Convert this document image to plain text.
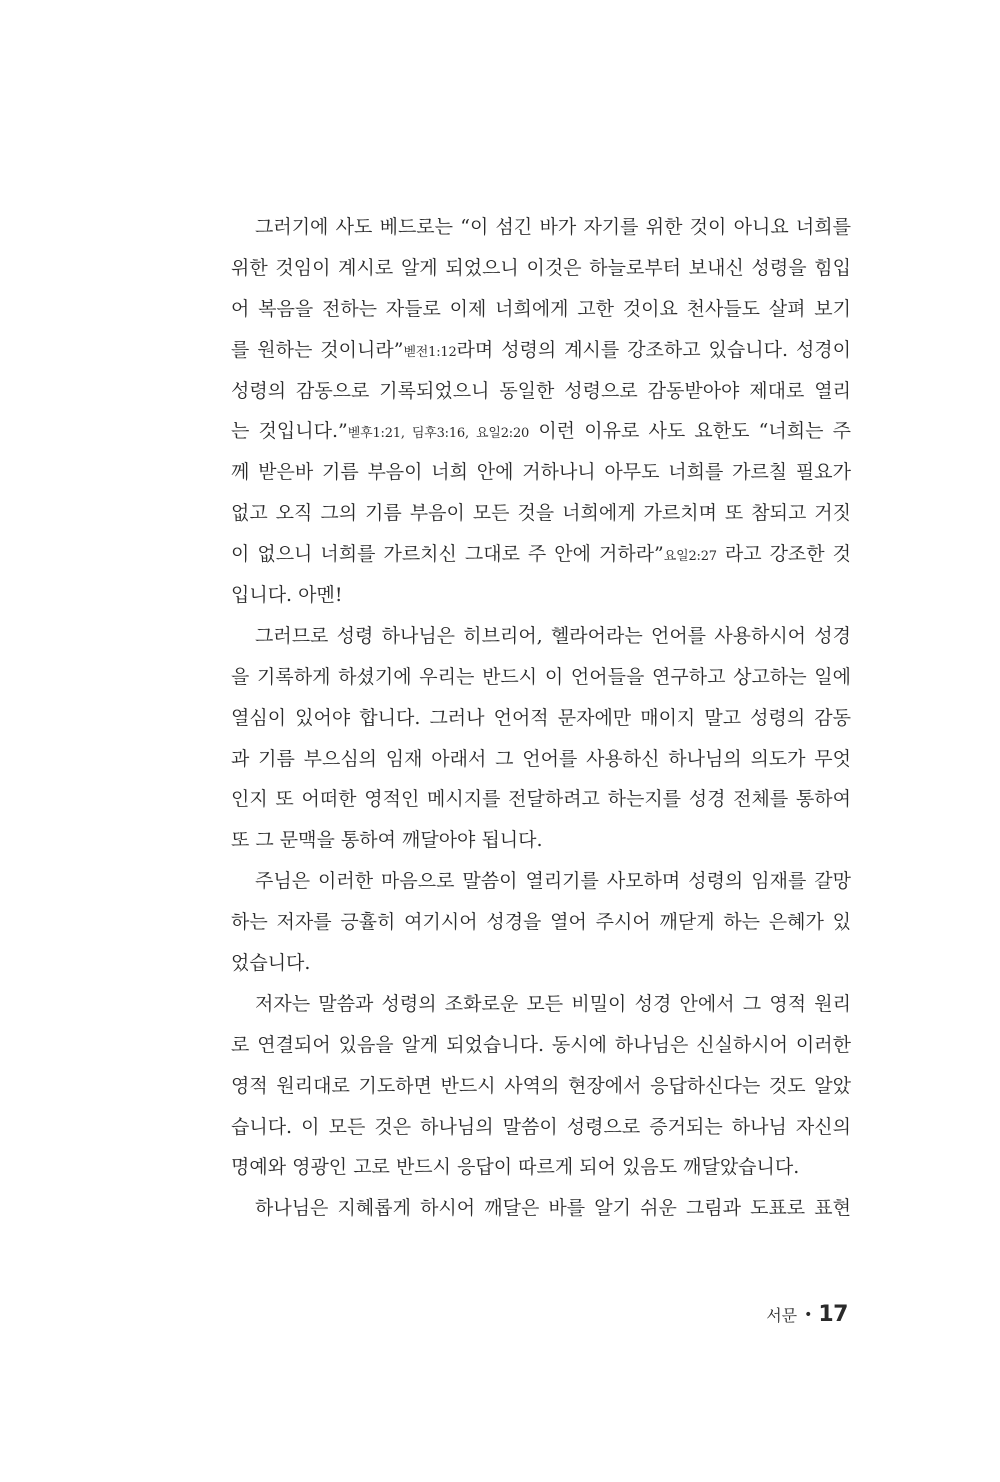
그러기에 사도 베드로는 “이 섬긴 바가 자기를 위한 것이 아니요 너희를
위한 것임이 계시로 알게 되었으니 이것은 하늘로부터 보내신 성령을 힘입
어 복음을 전하는 자들로 이제 너희에게 고한 것이요 천사들도 살펴 보기
를 원하는 것이니라”벧전1:12라며 성령의 계시를 강조하고 있습니다. 성경이
성령의 감동으로 기록되었으니 동일한 성령으로 감동받아야 제대로 열리
는 것입니다.”벧후1:21, 딤후3:16, 요일2:20 이런 이유로 사도 요한도 “너희는 주
께 받은바 기름 부음이 너희 안에 거하나니 아무도 너희를 가르칠 필요가
없고 오직 그의 기름 부음이 모든 것을 너희에게 가르치며 또 참되고 거짓
이 없으니 너희를 가르치신 그대로 주 안에 거하라”요일2:27 라고 강조한 것
입니다. 아멘!
그러므로 성령 하나님은 히브리어, 헬라어라는 언어를 사용하시어 성경
을 기록하게 하셨기에 우리는 반드시 이 언어들을 연구하고 상고하는 일에
열심이 있어야 합니다. 그러나 언어적 문자에만 매이지 말고 성령의 감동
과 기름 부으심의 임재 아래서 그 언어를 사용하신 하나님의 의도가 무엇
인지 또 어떠한 영적인 메시지를 전달하려고 하는지를 성경 전체를 통하여
또 그 문맥을 통하여 깨달아야 됩니다.
주님은 이러한 마음으로 말씀이 열리기를 사모하며 성령의 임재를 갈망
하는 저자를 긍휼히 여기시어 성경을 열어 주시어 깨닫게 하는 은혜가 있
었습니다.
저자는 말씀과 성령의 조화로운 모든 비밀이 성경 안에서 그 영적 원리
로 연결되어 있음을 알게 되었습니다. 동시에 하나님은 신실하시어 이러한
영적 원리대로 기도하면 반드시 사역의 현장에서 응답하신다는 것도 알았
습니다. 이 모든 것은 하나님의 말씀이 성령으로 증거되는 하나님 자신의
명예와 영광인 고로 반드시 응답이 따르게 되어 있음도 깨달았습니다.
하나님은 지혜롭게 하시어 깨달은 바를 알기 쉬운 그림과 도표로 표현
서문 • 17
